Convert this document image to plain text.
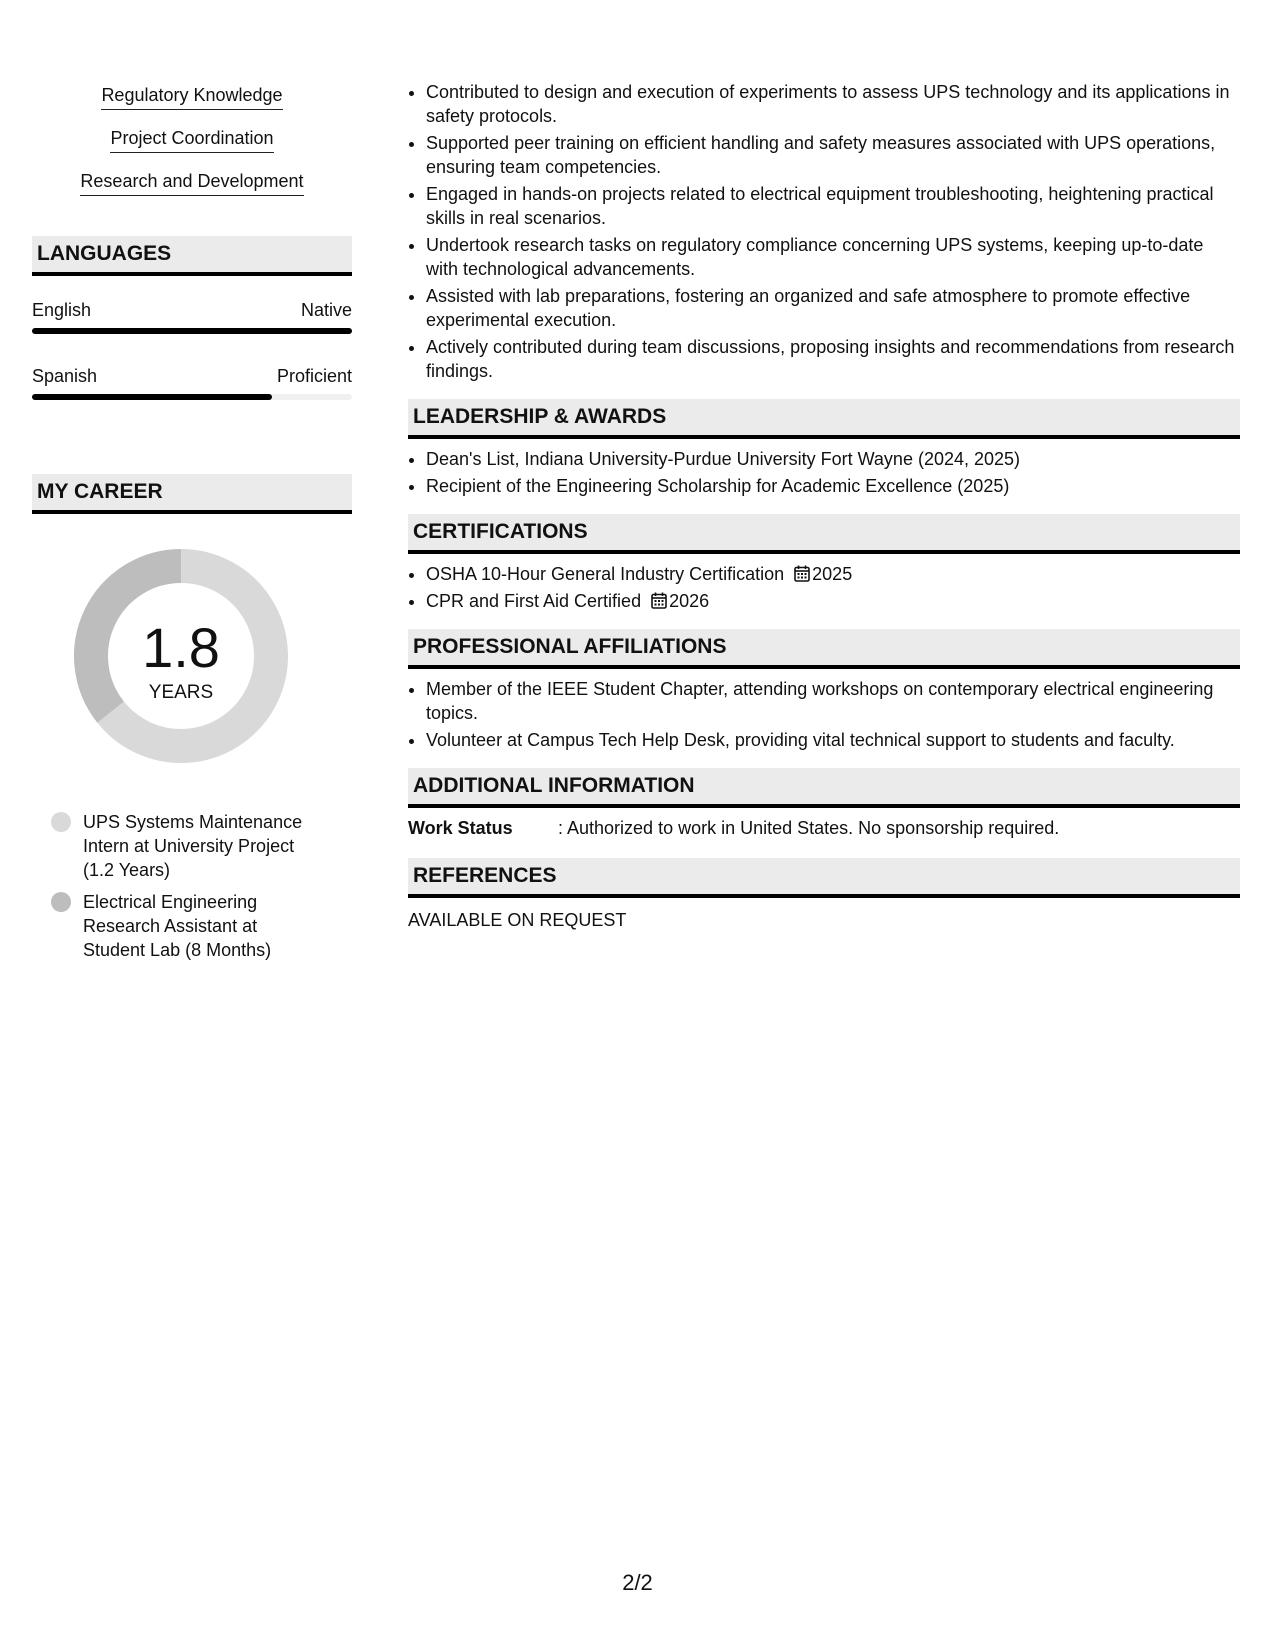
Regulatory Knowledge
Project Coordination
Research and Development
LANGUAGES
English	Native
Spanish	Proficient
MY CAREER
1.8
YEARS
UPS Systems Maintenance Intern at University Project (1.2 Years)
Electrical Engineering Research Assistant at Student Lab (8 Months)
• Contributed to design and execution of experiments to assess UPS technology and its applications in safety protocols.
• Supported peer training on efficient handling and safety measures associated with UPS operations, ensuring team competencies.
• Engaged in hands-on projects related to electrical equipment troubleshooting, heightening practical skills in real scenarios.
• Undertook research tasks on regulatory compliance concerning UPS systems, keeping up-to-date with technological advancements.
• Assisted with lab preparations, fostering an organized and safe atmosphere to promote effective experimental execution.
• Actively contributed during team discussions, proposing insights and recommendations from research findings.
LEADERSHIP & AWARDS
• Dean's List, Indiana University-Purdue University Fort Wayne (2024, 2025)
• Recipient of the Engineering Scholarship for Academic Excellence (2025)
CERTIFICATIONS
• OSHA 10-Hour General Industry Certification 2025
• CPR and First Aid Certified 2026
PROFESSIONAL AFFILIATIONS
• Member of the IEEE Student Chapter, attending workshops on contemporary electrical engineering topics.
• Volunteer at Campus Tech Help Desk, providing vital technical support to students and faculty.
ADDITIONAL INFORMATION
Work Status	: Authorized to work in United States. No sponsorship required.
REFERENCES
AVAILABLE ON REQUEST
2/2
